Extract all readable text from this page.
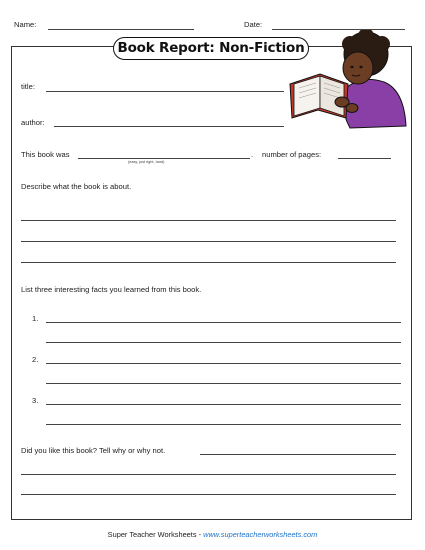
Name:	Date:
Book Report: Non-Fiction
title:
author:
This book was	.
(easy, just right, hard)
number of pages:
Describe what the book is about.
List three interesting facts you learned from this book.
1.
2.
3.
Did you like this book? Tell why or why not.
Super Teacher Worksheets - www.superteacherworksheets.com
